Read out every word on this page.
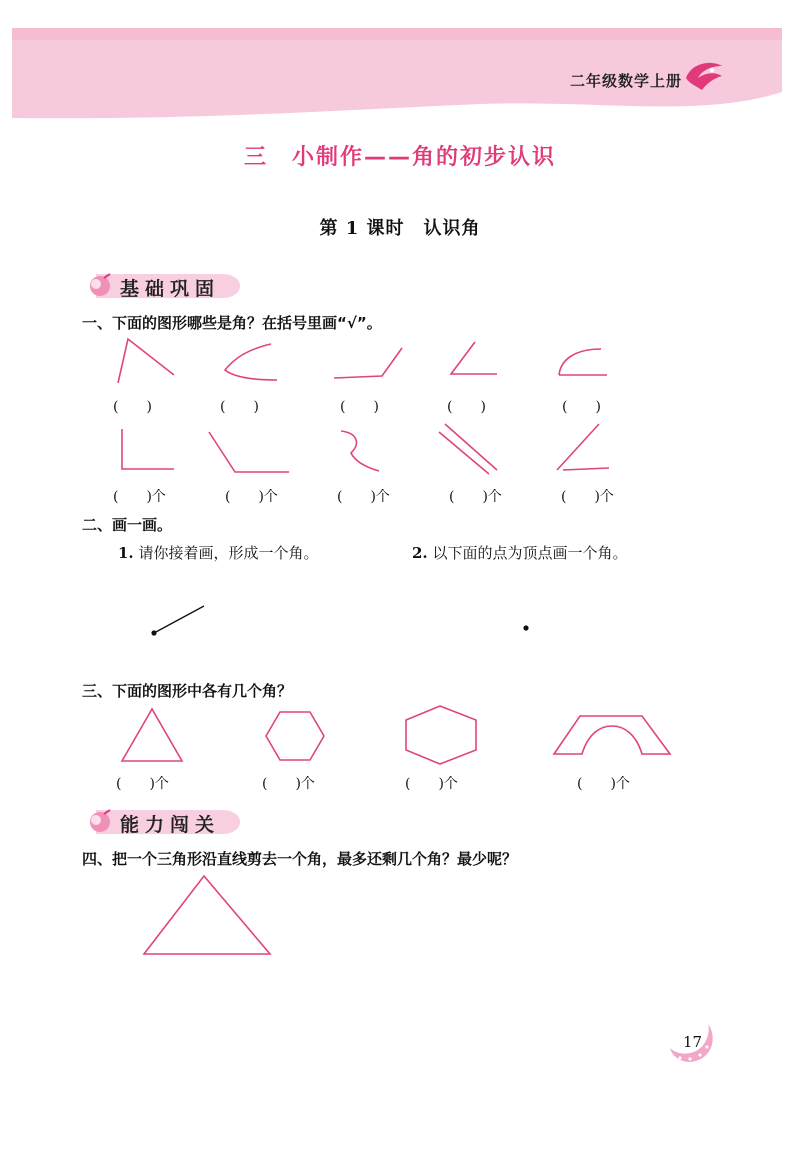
二年级数学上册
三　小制作——角的初步认识
第 1 课时　认识角
基础巩固
一、下面的图形哪些是角？在括号里画“√”。
(　　)	(　　)	(　　)	(　　)	(　　)
(　　)个	(　　)个	(　　)个	(　　)个	(　　)个
二、画一画。
1. 请你接着画，形成一个角。	2. 以下面的点为顶点画一个角。
三、下面的图形中各有几个角？
(　　)个	(　　)个	(　　)个	(　　)个
能力闯关
四、把一个三角形沿直线剪去一个角，最多还剩几个角？最少呢？
17
